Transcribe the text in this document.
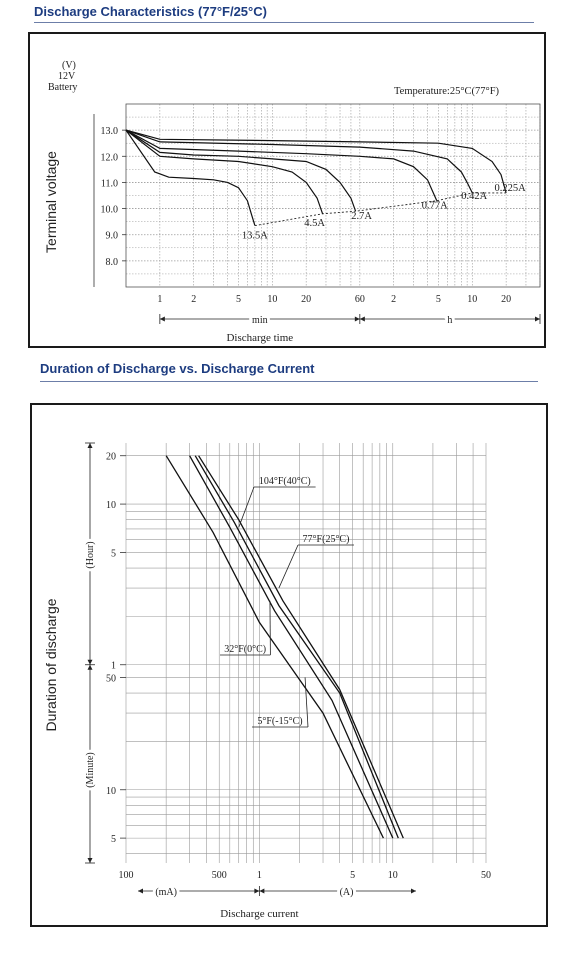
Discharge Characteristics (77°F/25°C)
13.0
12.0
11.0
10.0
9.0
8.0
1	2	5	10 20	60	2	5	10 20
(V)
12V
Battery	Temperature:25°C(77°F)
Terminal voltage
min	h
Discharge time
13.5A
4.5A
2.7A
0.77A
0.42A
0.225A
Duration of Discharge vs. Discharge Current
20
10
5
1
50
10
5
100	500	1	5	10	50
(Hour)
(Minute)
Duration of discharge
(mA)	(A)
Discharge current
104°F(40°C)
77°F(25°C)
32°F(0°C)
5°F(-15°C)
